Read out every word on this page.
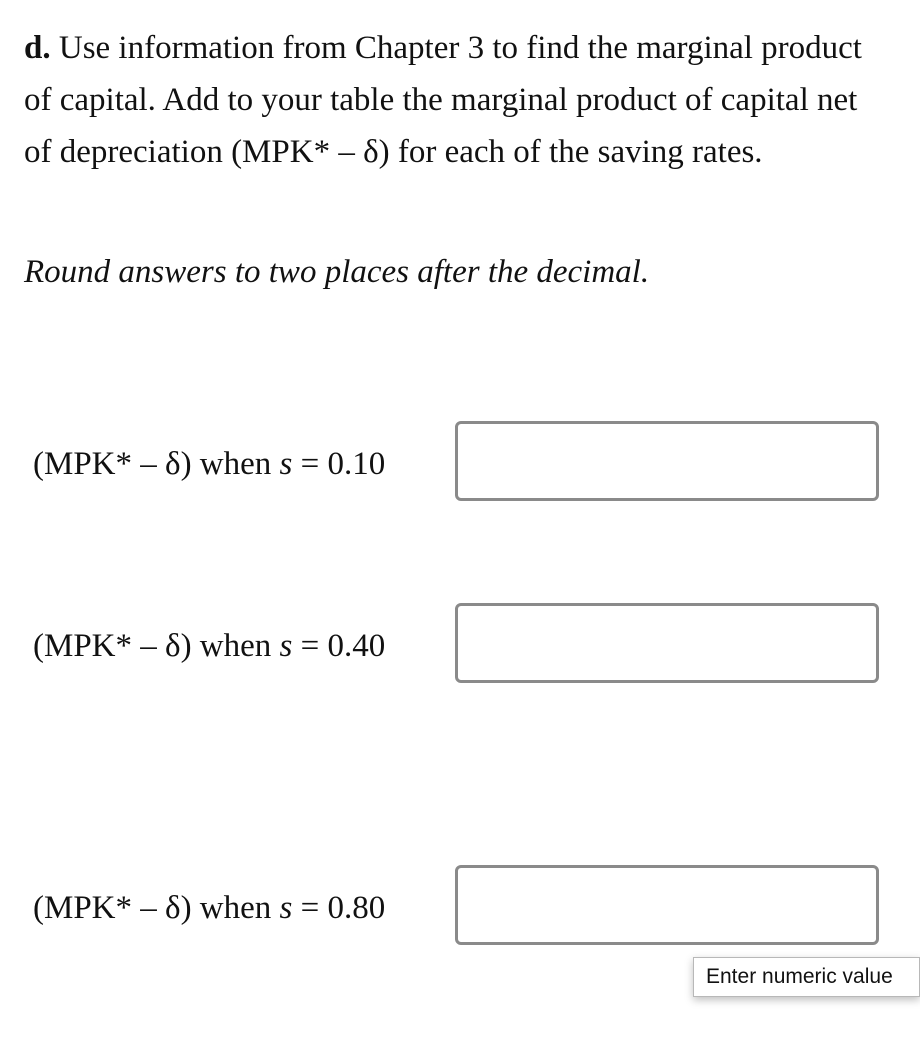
d. Use information from Chapter 3 to find the marginal product of capital. Add to your table the marginal product of capital net of depreciation (MPK* – δ) for each of the saving rates.

Round answers to two places after the decimal.

(MPK* – δ) when s = 0.10
(MPK* – δ) when s = 0.40
(MPK* – δ) when s = 0.80
Enter numeric value
